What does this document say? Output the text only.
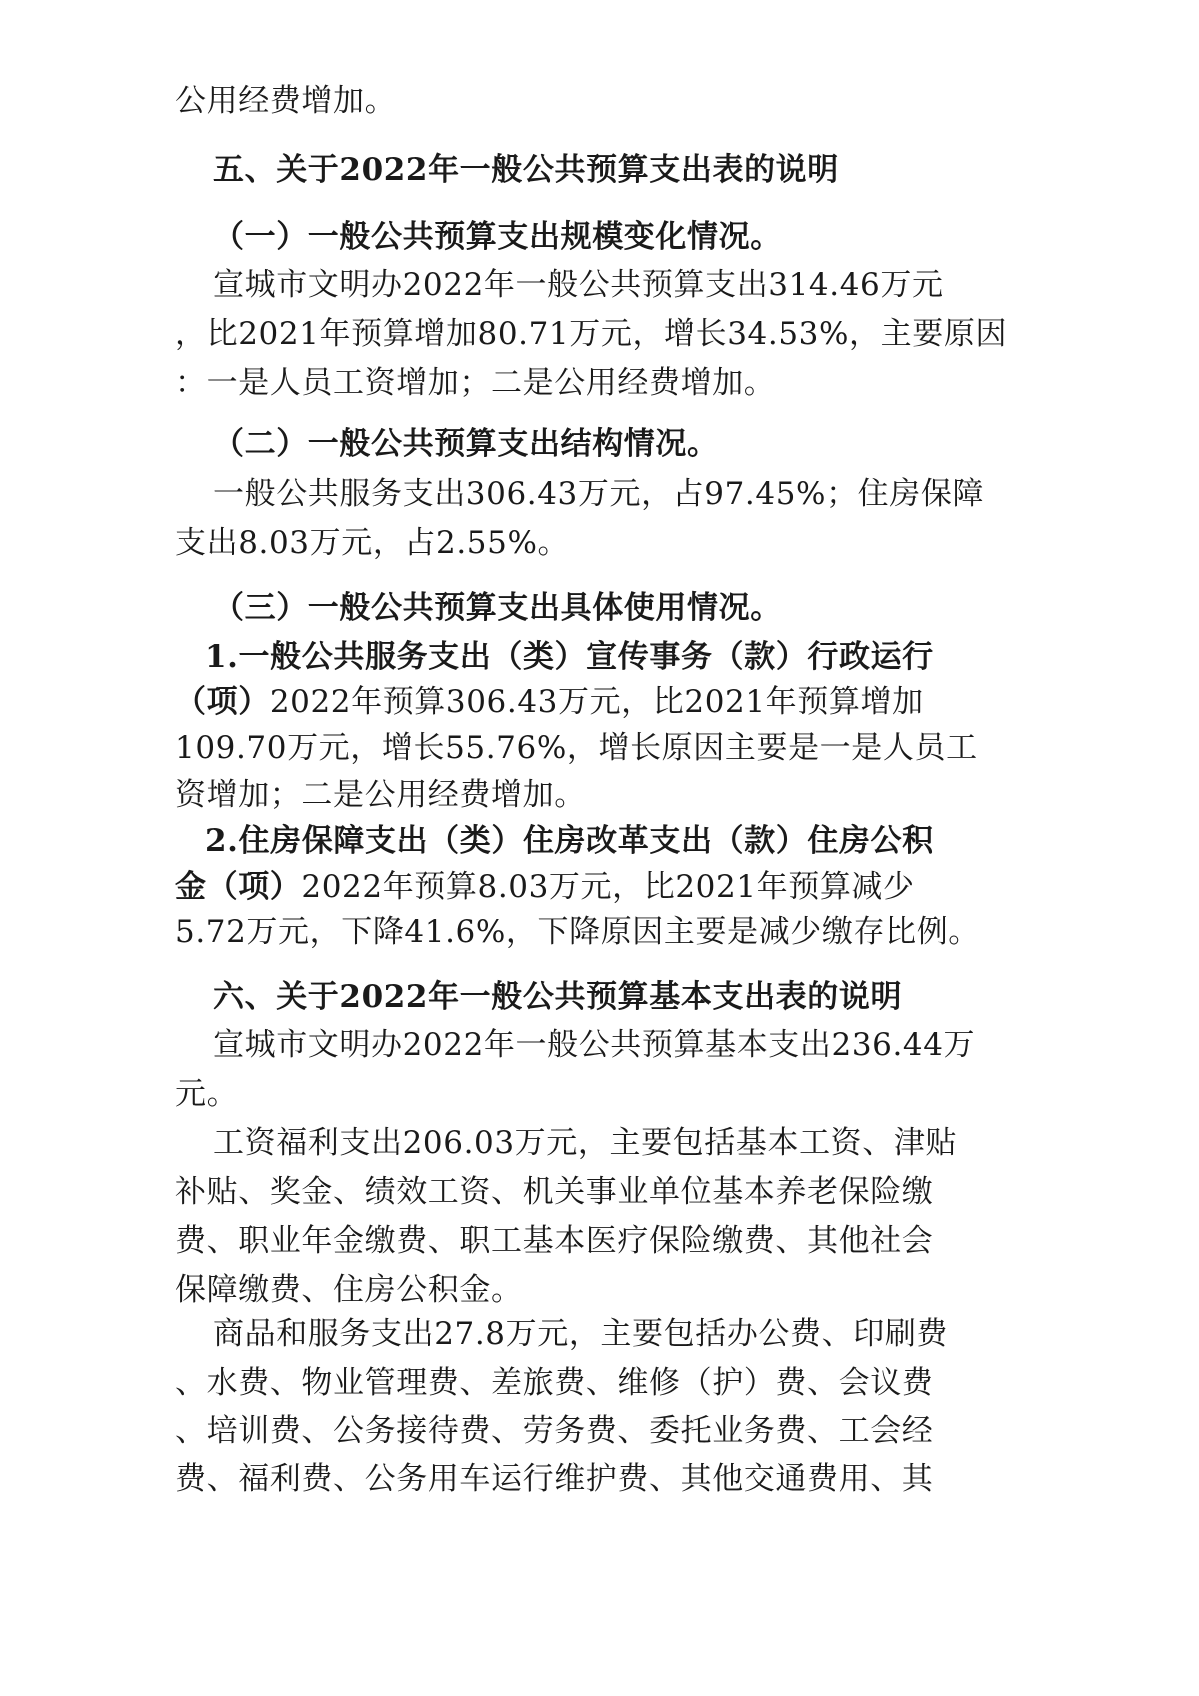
公用经费增加。
五、关于2022年一般公共预算支出表的说明
（一）一般公共预算支出规模变化情况。
宣城市文明办2022年一般公共预算支出314.46万元
，比2021年预算增加80.71万元，增长34.53%，主要原因
：一是人员工资增加；二是公用经费增加。
（二）一般公共预算支出结构情况。
一般公共服务支出306.43万元，占97.45%；住房保障
支出8.03万元，占2.55%。
（三）一般公共预算支出具体使用情况。
1.一般公共服务支出（类）宣传事务（款）行政运行
（项）2022年预算306.43万元，比2021年预算增加
109.70万元，增长55.76%，增长原因主要是一是人员工
资增加；二是公用经费增加。
2.住房保障支出（类）住房改革支出（款）住房公积
金（项）2022年预算8.03万元，比2021年预算减少
5.72万元，下降41.6%，下降原因主要是减少缴存比例。
六、关于2022年一般公共预算基本支出表的说明
宣城市文明办2022年一般公共预算基本支出236.44万
元。
工资福利支出206.03万元，主要包括基本工资、津贴
补贴、奖金、绩效工资、机关事业单位基本养老保险缴
费、职业年金缴费、职工基本医疗保险缴费、其他社会
保障缴费、住房公积金。
商品和服务支出27.8万元，主要包括办公费、印刷费
、水费、物业管理费、差旅费、维修（护）费、会议费
、培训费、公务接待费、劳务费、委托业务费、工会经
费、福利费、公务用车运行维护费、其他交通费用、其
